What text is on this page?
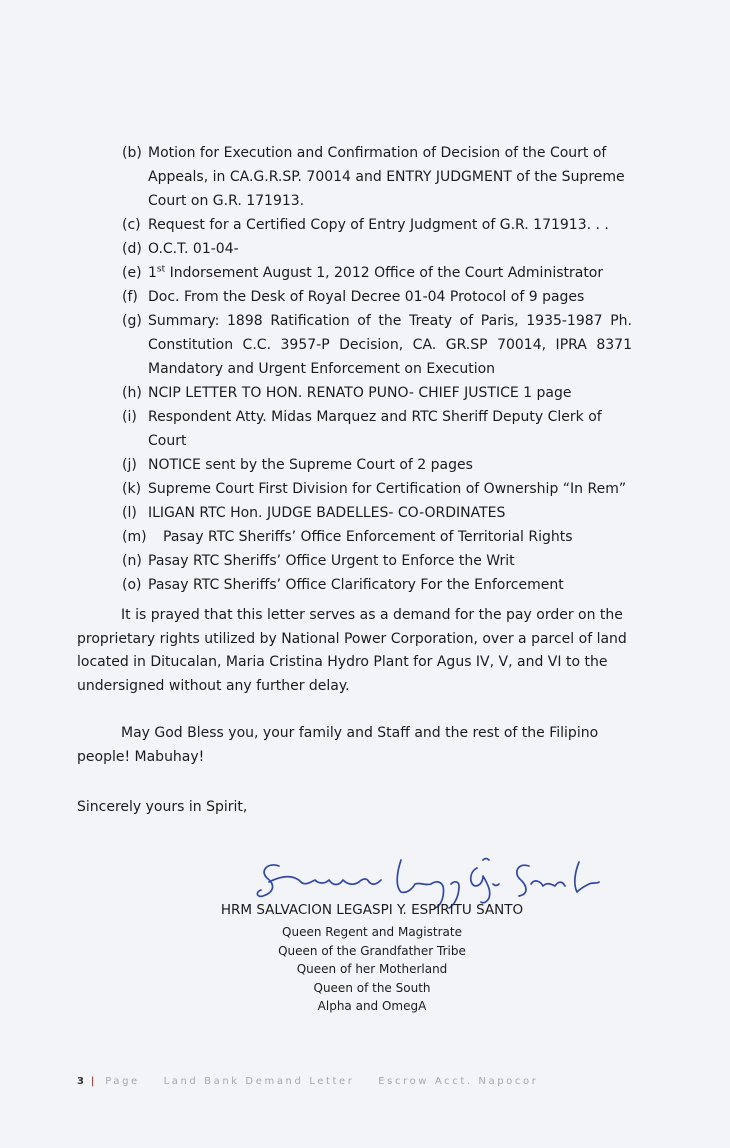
(b) Motion for Execution and Confirmation of Decision of the Court of Appeals, in CA.G.R.SP. 70014 and ENTRY JUDGMENT of the Supreme Court on G.R. 171913.
(c) Request for a Certified Copy of Entry Judgment of G.R. 171913. . .
(d) O.C.T. 01-04-
(e) 1st Indorsement August 1, 2012 Office of the Court Administrator
(f) Doc. From the Desk of Royal Decree 01-04 Protocol of 9 pages
(g) Summary: 1898 Ratification of the Treaty of Paris, 1935-1987 Ph. Constitution C.C. 3957-P Decision, CA. GR.SP 70014, IPRA 8371 Mandatory and Urgent Enforcement on Execution
(h) NCIP LETTER TO HON. RENATO PUNO- CHIEF JUSTICE 1 page
(i) Respondent Atty. Midas Marquez and RTC Sheriff Deputy Clerk of Court
(j) NOTICE sent by the Supreme Court of 2 pages
(k) Supreme Court First Division for Certification of Ownership “In Rem”
(l) ILIGAN RTC Hon. JUDGE BADELLES- CO-ORDINATES
(m)	Pasay RTC Sheriffs’ Office Enforcement of Territorial Rights
(n) Pasay RTC Sheriffs’ Office Urgent to Enforce the Writ
(o) Pasay RTC Sheriffs’ Office Clarificatory For the Enforcement

It is prayed that this letter serves as a demand for the pay order on the proprietary rights utilized by National Power Corporation, over a parcel of land located in Ditucalan, Maria Cristina Hydro Plant for Agus IV, V, and VI to the undersigned without any further delay.

May God Bless you, your family and Staff and the rest of the Filipino people! Mabuhay!

Sincerely yours in Spirit,

HRM SALVACION LEGASPI Y. ESPIRITU SANTO
Queen Regent and Magistrate
Queen of the Grandfather Tribe
Queen of her Motherland
Queen of the South
Alpha and OmegA
3 | Page Land Bank Demand Letter Escrow Acct. Napocor
